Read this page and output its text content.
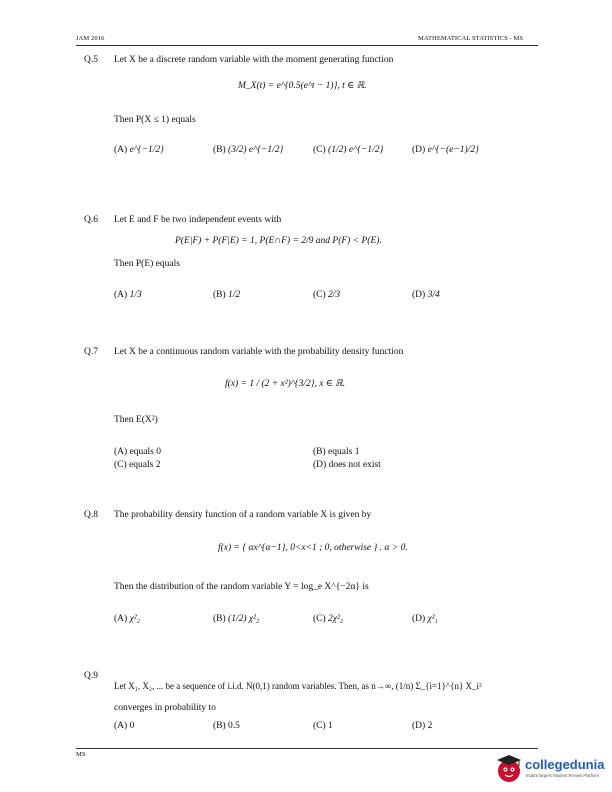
JAM 2016	MATHEMATICAL STATISTICS - MS
Q.5 Let X be a discrete random variable with the moment generating function
M_X(t) = e^{0.5(e^t − 1)}, t ∈ ℝ.
Then P(X ≤ 1) equals
(A) e^{−1/2}	(B) (3/2) e^{−1/2}	(C) (1/2) e^{−1/2}	(D) e^{−(e−1)/2}
Q.6 Let E and F be two independent events with
P(E|F) + P(F|E) = 1, P(E∩F) = 2/9 and P(F) < P(E).
Then P(E) equals
(A) 1/3	(B) 1/2	(C) 2/3	(D) 3/4
Q.7 Let X be a continuous random variable with the probability density function
f(x) = 1 / (2 + x²)^{3/2}, x ∈ ℝ.
Then E(X²)
(A) equals 0	(B) equals 1
(C) equals 2	(D) does not exist
Q.8 The probability density function of a random variable X is given by
f(x) = { αx^{α−1}, 0<x<1 ; 0, otherwise } . α > 0.
Then the distribution of the random variable Y = log_e X^{−2α} is
(A) χ²₂	(B) (1/2) χ²₂	(C) 2χ²₂	(D) χ²₁
Q.9
Let X₁, X₂, ... be a sequence of i.i.d. N(0,1) random variables. Then, as n→∞, (1/n) Σ_{i=1}^{n} X_i²
converges in probability to
(A) 0	(B) 0.5	(C) 1	(D) 2
MS
collegedunia
India's largest Student Review Platform
